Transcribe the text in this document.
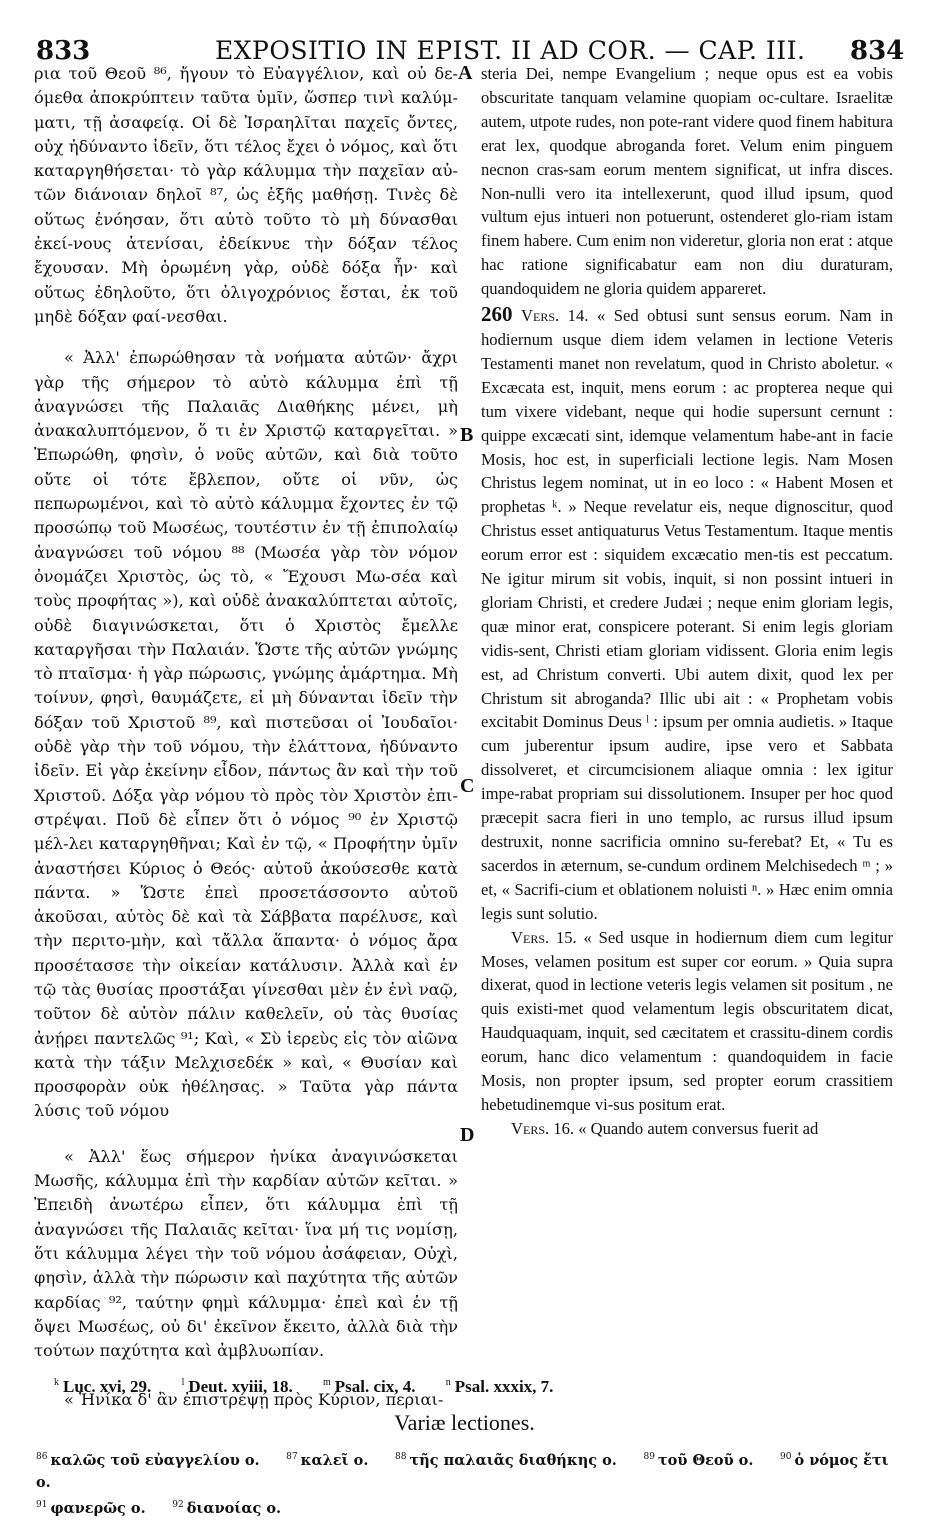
833	EXPOSITIO IN EPIST. II AD COR. — CAP. III. 834

ρια τοῦ Θεοῦ ⁸⁶, ἤγουν τὸ Εὐαγγέλιον, καὶ οὐ δε-όμεθα ἀποκρύπτειν ταῦτα ὑμῖν, ὥσπερ τινὶ καλύμ-ματι, τῇ ἀσαφείᾳ. Οἱ δὲ Ἰσραηλῖται παχεῖς ὄντες, οὐχ ἠδύναντο ἰδεῖν, ὅτι τέλος ἔχει ὁ νόμος, καὶ ὅτι καταργηθήσεται· τὸ γὰρ κάλυμμα τὴν παχεῖαν αὐ-τῶν διάνοιαν δηλοῖ ⁸⁷, ὡς ἑξῆς μαθήσῃ. Τινὲς δὲ οὕτως ἐνόησαν, ὅτι αὐτὸ τοῦτο τὸ μὴ δύνασθαι ἐκεί-νους ἀτενίσαι, ἐδείκνυε τὴν δόξαν τέλος ἔχουσαν. Μὴ ὁρωμένη γὰρ, οὐδὲ δόξα ἦν· καὶ οὕτως ἐδηλοῦτο, ὅτι ὀλιγοχρόνιος ἔσται, ἐκ τοῦ μηδὲ δόξαν φαί-νεσθαι.

« Ἀλλ' ἐπωρώθησαν τὰ νοήματα αὐτῶν· ἄχρι γὰρ τῆς σήμερον τὸ αὐτὸ κάλυμμα ἐπὶ τῇ ἀναγνώσει τῆς Παλαιᾶς Διαθήκης μένει, μὴ ἀνακαλυπτόμενον, ὅ τι ἐν Χριστῷ καταργεῖται. » Ἐπωρώθη, φησὶν, ὁ νοῦς αὐτῶν, καὶ διὰ τοῦτο οὔτε οἱ τότε ἔβλεπον, οὔτε οἱ νῦν, ὡς πεπωρωμένοι, καὶ τὸ αὐτὸ κάλυμμα ἔχοντες ἐν τῷ προσώπῳ τοῦ Μωσέως, τουτέστιν ἐν τῇ ἐπιπολαίῳ ἀναγνώσει τοῦ νόμου ⁸⁸ (Μωσέα γὰρ τὸν νόμον ὀνομάζει Χριστὸς, ὡς τὸ, « Ἔχουσι Μω-σέα καὶ τοὺς προφήτας »), καὶ οὐδὲ ἀνακαλύπτεται αὐτοῖς, οὐδὲ διαγινώσκεται, ὅτι ὁ Χριστὸς ἔμελλε καταργῆσαι τὴν Παλαιάν. Ὥστε τῆς αὐτῶν γνώμης τὸ πταῖσμα· ἡ γὰρ πώρωσις, γνώμης ἁμάρτημα. Μὴ τοίνυν, φησὶ, θαυμάζετε, εἰ μὴ δύνανται ἰδεῖν τὴν δόξαν τοῦ Χριστοῦ ⁸⁹, καὶ πιστεῦσαι οἱ Ἰουδαῖοι· οὐδὲ γὰρ τὴν τοῦ νόμου, τὴν ἐλάττονα, ἠδύναντο ἰδεῖν. Εἰ γὰρ ἐκείνην εἶδον, πάντως ἂν καὶ τὴν τοῦ Χριστοῦ. Δόξα γὰρ νόμου τὸ πρὸς τὸν Χριστὸν ἐπι-στρέψαι. Ποῦ δὲ εἶπεν ὅτι ὁ νόμος ⁹⁰ ἐν Χριστῷ μέλ-λει καταργηθῆναι; Καὶ ἐν τῷ, « Προφήτην ὑμῖν ἀναστήσει Κύριος ὁ Θεός· αὐτοῦ ἀκούσεσθε κατὰ πάντα. » Ὥστε ἐπεὶ προσετάσσοντο αὐτοῦ ἀκοῦσαι, αὐτὸς δὲ καὶ τὰ Σάββατα παρέλυσε, καὶ τὴν περιτο-μὴν, καὶ τἄλλα ἅπαντα· ὁ νόμος ἄρα προσέτασσε τὴν οἰκείαν κατάλυσιν. Ἀλλὰ καὶ ἐν τῷ τὰς θυσίας προστάξαι γίνεσθαι μὲν ἐν ἑνὶ ναῷ, τοῦτον δὲ αὐτὸν πάλιν καθελεῖν, οὐ τὰς θυσίας ἀνῄρει παντελῶς ⁹¹; Καὶ, « Σὺ ἱερεὺς εἰς τὸν αἰῶνα κατὰ τὴν τάξιν Μελχισεδέκ » καὶ, « Θυσίαν καὶ προσφορὰν οὐκ ἠθέλησας. » Ταῦτα γὰρ πάντα λύσις τοῦ νόμου

« Ἀλλ' ἕως σήμερον ἡνίκα ἀναγινώσκεται Μωσῆς, κάλυμμα ἐπὶ τὴν καρδίαν αὐτῶν κεῖται. » Ἐπειδὴ ἀνωτέρω εἶπεν, ὅτι κάλυμμα ἐπὶ τῇ ἀναγνώσει τῆς Παλαιᾶς κεῖται· ἵνα μή τις νομίσῃ, ὅτι κάλυμμα λέγει τὴν τοῦ νόμου ἀσάφειαν, Οὐχὶ, φησὶν, ἀλλὰ τὴν πώρωσιν καὶ παχύτητα τῆς αὐτῶν καρδίας ⁹², ταύτην φημὶ κάλυμμα· ἐπεὶ καὶ ἐν τῇ ὄψει Μωσέως, οὐ δι' ἐκεῖνον ἔκειτο, ἀλλὰ διὰ τὴν τούτων παχύτητα καὶ ἀμβλυωπίαν.

« Ἡνίκα δ' ἂν ἐπιστρέψῃ πρὸς Κύριον, περιαι-

A
B
C
D

steria Dei, nempe Evangelium ; neque opus est ea vobis obscuritate tanquam velamine quopiam oc-cultare. Israelitæ autem, utpote rudes, non pote-rant videre quod finem habitura erat lex, quodque abroganda foret. Velum enim pinguem necnon cras-sam eorum mentem significat, ut infra disces. Non-nulli vero ita intellexerunt, quod illud ipsum, quod vultum ejus intueri non potuerunt, ostenderet glo-riam istam finem habere. Cum enim non videretur, gloria non erat : atque hac ratione significabatur eam non diu duraturam, quandoquidem ne gloria quidem appareret.

260 Vers. 14. « Sed obtusi sunt sensus eorum. Nam in hodiernum usque diem idem velamen in lectione Veteris Testamenti manet non revelatum, quod in Christo aboletur. « Excæcata est, inquit, mens eorum : ac propterea neque qui tum vixere videbant, neque qui hodie supersunt cernunt : quippe excæcati sint, idemque velamentum habe-ant in facie Mosis, hoc est, in superficiali lectione legis. Nam Mosen Christus legem nominat, ut in eo loco : « Habent Mosen et prophetas ᵏ. » Neque revelatur eis, neque dignoscitur, quod Christus esset antiquaturus Vetus Testamentum. Itaque mentis eorum error est : siquidem excæcatio men-tis est peccatum. Ne igitur mirum sit vobis, inquit, si non possint intueri in gloriam Christi, et credere Judæi ; neque enim gloriam legis, quæ minor erat, conspicere poterant. Si enim legis gloriam vidis-sent, Christi etiam gloriam vidissent. Gloria enim legis est, ad Christum converti. Ubi autem dixit, quod lex per Christum sit abroganda? Illic ubi ait : « Prophetam vobis excitabit Dominus Deus ˡ : ipsum per omnia audietis. » Itaque cum juberentur ipsum audire, ipse vero et Sabbata dissolveret, et circumcisionem aliaque omnia : lex igitur impe-rabat propriam sui dissolutionem. Insuper per hoc quod præcepit sacra fieri in uno templo, ac rursus illud ipsum destruxit, nonne sacrificia omnino su-ferebat? Et, « Tu es sacerdos in æternum, se-cundum ordinem Melchisedech ᵐ ; » et, « Sacrifi-cium et oblationem noluisti ⁿ. » Hæc enim omnia legis sunt solutio.

Vers. 15. « Sed usque in hodiernum diem cum legitur Moses, velamen positum est super cor eorum. » Quia supra dixerat, quod in lectione veteris legis velamen sit positum , ne quis existi-met quod velamentum legis obscuritatem dicat, Haudquaquam, inquit, sed cæcitatem et crassitu-dinem cordis eorum, hanc dico velamentum : quandoquidem in facie Mosis, non propter ipsum, sed propter eorum crassitiem hebetudinemque vi-sus positum erat.

Vers. 16. « Quando autem conversus fuerit ad

$^k$ Luc. xvi, 29.	$^l$ Deut. xviii, 18.	$^m$ Psal. cix, 4.	$^n$ Psal. xxxix, 7.
Variæ lectiones.
$^{86}$ καλῶς τοῦ εὐαγγελίου ο.	$^{87}$ καλεῖ ο.	$^{88}$ τῆς παλαιᾶς διαθήκης ο.	$^{89}$ τοῦ Θεοῦ ο.	$^{90}$ ὁ νόμος ἔτι ο.
$^{91}$ φανερῶς ο.	$^{92}$ διανοίας ο.
